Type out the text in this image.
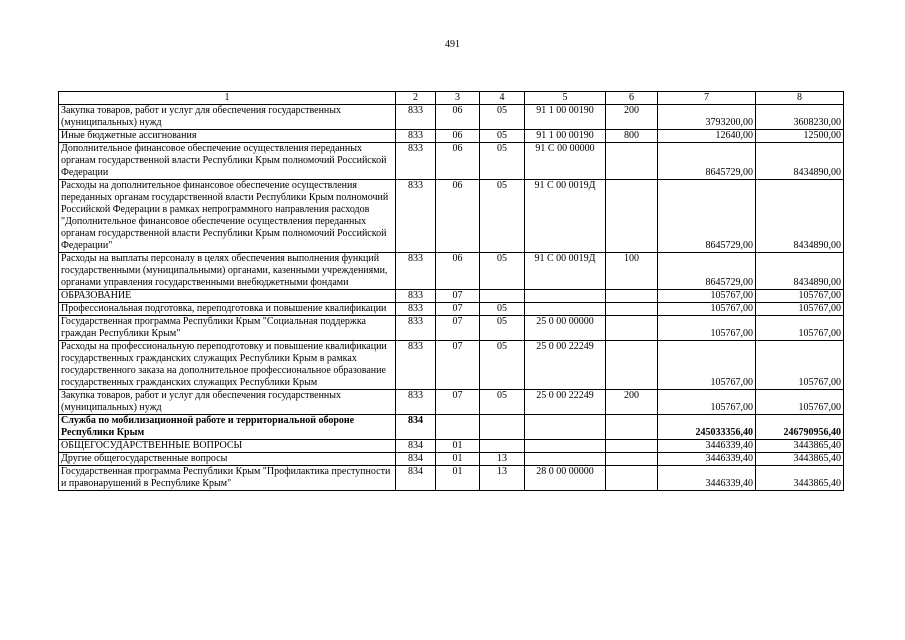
491
1	2	3	4	5	6	7	8
Закупка товаров, работ и услуг для обеспечения государственных (муниципальных) нужд	833	06	05	91 1 00 00190	200	3793200,00	3608230,00
Иные бюджетные ассигнования	833	06	05	91 1 00 00190	800	12640,00	12500,00
Дополнительное финансовое обеспечение осуществления переданных органам государственной власти Республики Крым полномочий Российской Федерации	833	06	05	91 С 00 00000		8645729,00	8434890,00
Расходы на дополнительное финансовое обеспечение осуществления переданных органам государственной власти Республики Крым полномочий Российской Федерации в рамках непрограммного направления расходов "Дополнительное финансовое обеспечение осуществления переданных органам государственной власти Республики Крым полномочий Российской Федерации"	833	06	05	91 С 00 0019Д		8645729,00	8434890,00
Расходы на выплаты персоналу в целях обеспечения выполнения функций государственными (муниципальными) органами, казенными учреждениями, органами управления государственными внебюджетными фондами	833	06	05	91 С 00 0019Д	100	8645729,00	8434890,00
ОБРАЗОВАНИЕ	833	07				105767,00	105767,00
Профессиональная подготовка, переподготовка и повышение квалификации	833	07	05			105767,00	105767,00
Государственная программа Республики Крым "Социальная поддержка граждан Республики Крым"	833	07	05	25 0 00 00000		105767,00	105767,00
Расходы на профессиональную переподготовку и повышение квалификации государственных гражданских служащих Республики Крым в рамках государственного заказа на дополнительное профессиональное образование государственных гражданских служащих Республики Крым	833	07	05	25 0 00 22249		105767,00	105767,00
Закупка товаров, работ и услуг для обеспечения государственных (муниципальных) нужд	833	07	05	25 0 00 22249	200	105767,00	105767,00
Служба по мобилизационной работе и территориальной обороне Республики Крым	834					245033356,40	246790956,40
ОБЩЕГОСУДАРСТВЕННЫЕ ВОПРОСЫ	834	01				3446339,40	3443865,40
Другие общегосударственные вопросы	834	01	13			3446339,40	3443865,40
Государственная программа Республики Крым "Профилактика преступности и правонарушений в Республике Крым"	834	01	13	28 0 00 00000		3446339,40	3443865,40
